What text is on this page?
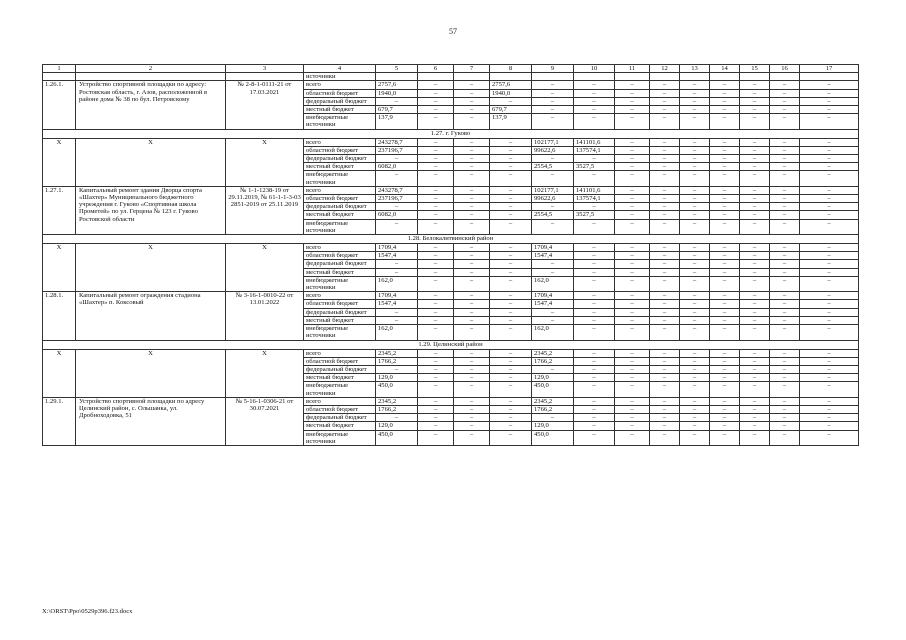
57
1	2	3	4	5	6	7	8	9	10	11	12	13	14	15	16	17
			источники													
1.26.1.	Устройство спортивной площадки по адресу: Ростовская область, г. Азов, расположенной в районе дома № 38 по бул. Петровскому	№ 2-8-1-0111-21 от 17.03.2021	всего	2757,6	–	–	2757,6	–	–	–	–	–	–	–	–	–
			областной бюджет	1940,0	–	–	1940,0	–	–	–	–	–	–	–	–	–
			федеральный бюджет	–	–	–	–	–	–	–	–	–	–	–	–	–
			местный бюджет	679,7	–	–	679,7	–	–	–	–	–	–	–	–	–
			внебюджетные источники	137,9	–	–	137,9	–	–	–	–	–	–	–	–	–
1.27. г. Гуково																
Х	Х	Х	всего	243278,7	–	–	–	102177,1	141101,6	–	–	–	–	–	–	–
			областной бюджет	237196,7	–	–	–	99622,6	137574,1	–	–	–	–	–	–	–
			федеральный бюджет	–	–	–	–	–	–	–	–	–	–	–	–	–
			местный бюджет	6082,0	–	–	–	2554,5	3527,5	–	–	–	–	–	–	–
			внебюджетные источники	–	–	–	–	–	–	–	–	–	–	–	–	–
1.27.1.	Капитальный ремонт здания Дворца спорта «Шахтер» Муниципального бюджетного учреждения г. Гуково «Спортивная школа Прометей» по ул. Герцена № 123 г. Гуково Ростовской области	№ 1-1-1238-19 от 29.11.2019, № 61-1-1-3-03 2851-2019 от 25.11.2019	всего	243278,7	–	–	–	102177,1	141101,6	–	–	–	–	–	–	–
			областной бюджет	237196,7	–	–	–	99622,6	137574,1	–	–	–	–	–	–	–
			федеральный бюджет	–	–	–	–	–	–	–	–	–	–	–	–	–
			местный бюджет	6082,0	–	–	–	2554,5	3527,5	–	–	–	–	–	–	–
			внебюджетные источники	–	–	–	–	–	–	–	–	–	–	–	–	–
1.28. Белокалитвинский район																
Х	Х	Х	всего	1709,4	–	–	–	1709,4	–	–	–	–	–	–	–	–
			областной бюджет	1547,4	–	–	–	1547,4	–	–	–	–	–	–	–	–
			федеральный бюджет	–	–	–	–	–	–	–	–	–	–	–	–	–
			местный бюджет	–	–	–	–	–	–	–	–	–	–	–	–	–
			внебюджетные источники	162,0	–	–	–	162,0	–	–	–	–	–	–	–	–
1.28.1.	Капитальный ремонт ограждения стадиона «Шахтер» п. Коксовый	№ 3-16-1-0010-22 от 13.01.2022	всего	1709,4	–	–	–	1709,4	–	–	–	–	–	–	–	–
			областной бюджет	1547,4	–	–	–	1547,4	–	–	–	–	–	–	–	–
			федеральный бюджет	–	–	–	–	–	–	–	–	–	–	–	–	–
			местный бюджет	–	–	–	–	–	–	–	–	–	–	–	–	–
			внебюджетные источники	162,0	–	–	–	162,0	–	–	–	–	–	–	–	–
1.29. Целинский район																
Х	Х	Х	всего	2345,2	–	–	–	2345,2	–	–	–	–	–	–	–	–
			областной бюджет	1766,2	–	–	–	1766,2	–	–	–	–	–	–	–	–
			федеральный бюджет	–	–	–	–	–	–	–	–	–	–	–	–	–
			местный бюджет	129,0	–	–	–	129,0	–	–	–	–	–	–	–	–
			внебюджетные источники	450,0	–	–	–	450,0	–	–	–	–	–	–	–	–
1.29.1.	Устройство спортивной площадки по адресу Целинский район, с. Ольшанка, ул. Дробноходовка, 51	№ 5-16-1-0306-21 от 30.07.2021	всего	2345,2	–	–	–	2345,2	–	–	–	–	–	–	–	–
			областной бюджет	1766,2	–	–	–	1766,2	–	–	–	–	–	–	–	–
			федеральный бюджет	–	–	–	–	–	–	–	–	–	–	–	–	–
			местный бюджет	129,0	–	–	–	129,0	–	–	–	–	–	–	–	–
			внебюджетные источники	450,0	–	–	–	450,0	–	–	–	–	–	–	–	–
X:\ORST\Ppo\0529p396.f23.docx
